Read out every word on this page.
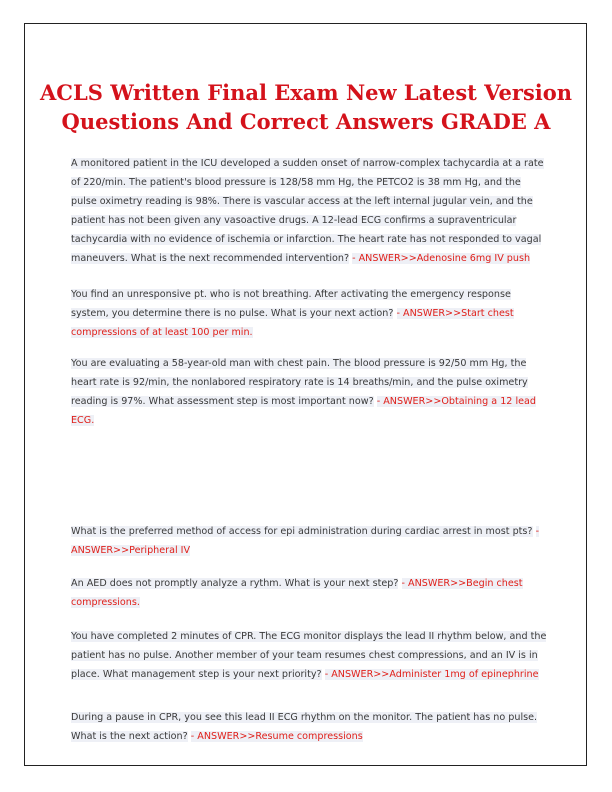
ACLS Written Final Exam New Latest Version
Questions And Correct Answers GRADE A

A monitored patient in the ICU developed a sudden onset of narrow-complex tachycardia at a rate of 220/min. The patient's blood pressure is 128/58 mm Hg, the PETCO2 is 38 mm Hg, and the pulse oximetry reading is 98%. There is vascular access at the left internal jugular vein, and the patient has not been given any vasoactive drugs. A 12-lead ECG confirms a supraventricular tachycardia with no evidence of ischemia or infarction. The heart rate has not responded to vagal maneuvers. What is the next recommended intervention? - ANSWER>>Adenosine 6mg IV push

You find an unresponsive pt. who is not breathing. After activating the emergency response system, you determine there is no pulse. What is your next action? - ANSWER>>Start chest compressions of at least 100 per min.

You are evaluating a 58-year-old man with chest pain. The blood pressure is 92/50 mm Hg, the heart rate is 92/min, the nonlabored respiratory rate is 14 breaths/min, and the pulse oximetry reading is 97%. What assessment step is most important now? - ANSWER>>Obtaining a 12 lead ECG.

What is the preferred method of access for epi administration during cardiac arrest in most pts? - ANSWER>>Peripheral IV

An AED does not promptly analyze a rythm. What is your next step? - ANSWER>>Begin chest compressions.

You have completed 2 minutes of CPR. The ECG monitor displays the lead II rhythm below, and the patient has no pulse. Another member of your team resumes chest compressions, and an IV is in place. What management step is your next priority? - ANSWER>>Administer 1mg of epinephrine

During a pause in CPR, you see this lead II ECG rhythm on the monitor. The patient has no pulse. What is the next action? - ANSWER>>Resume compressions
